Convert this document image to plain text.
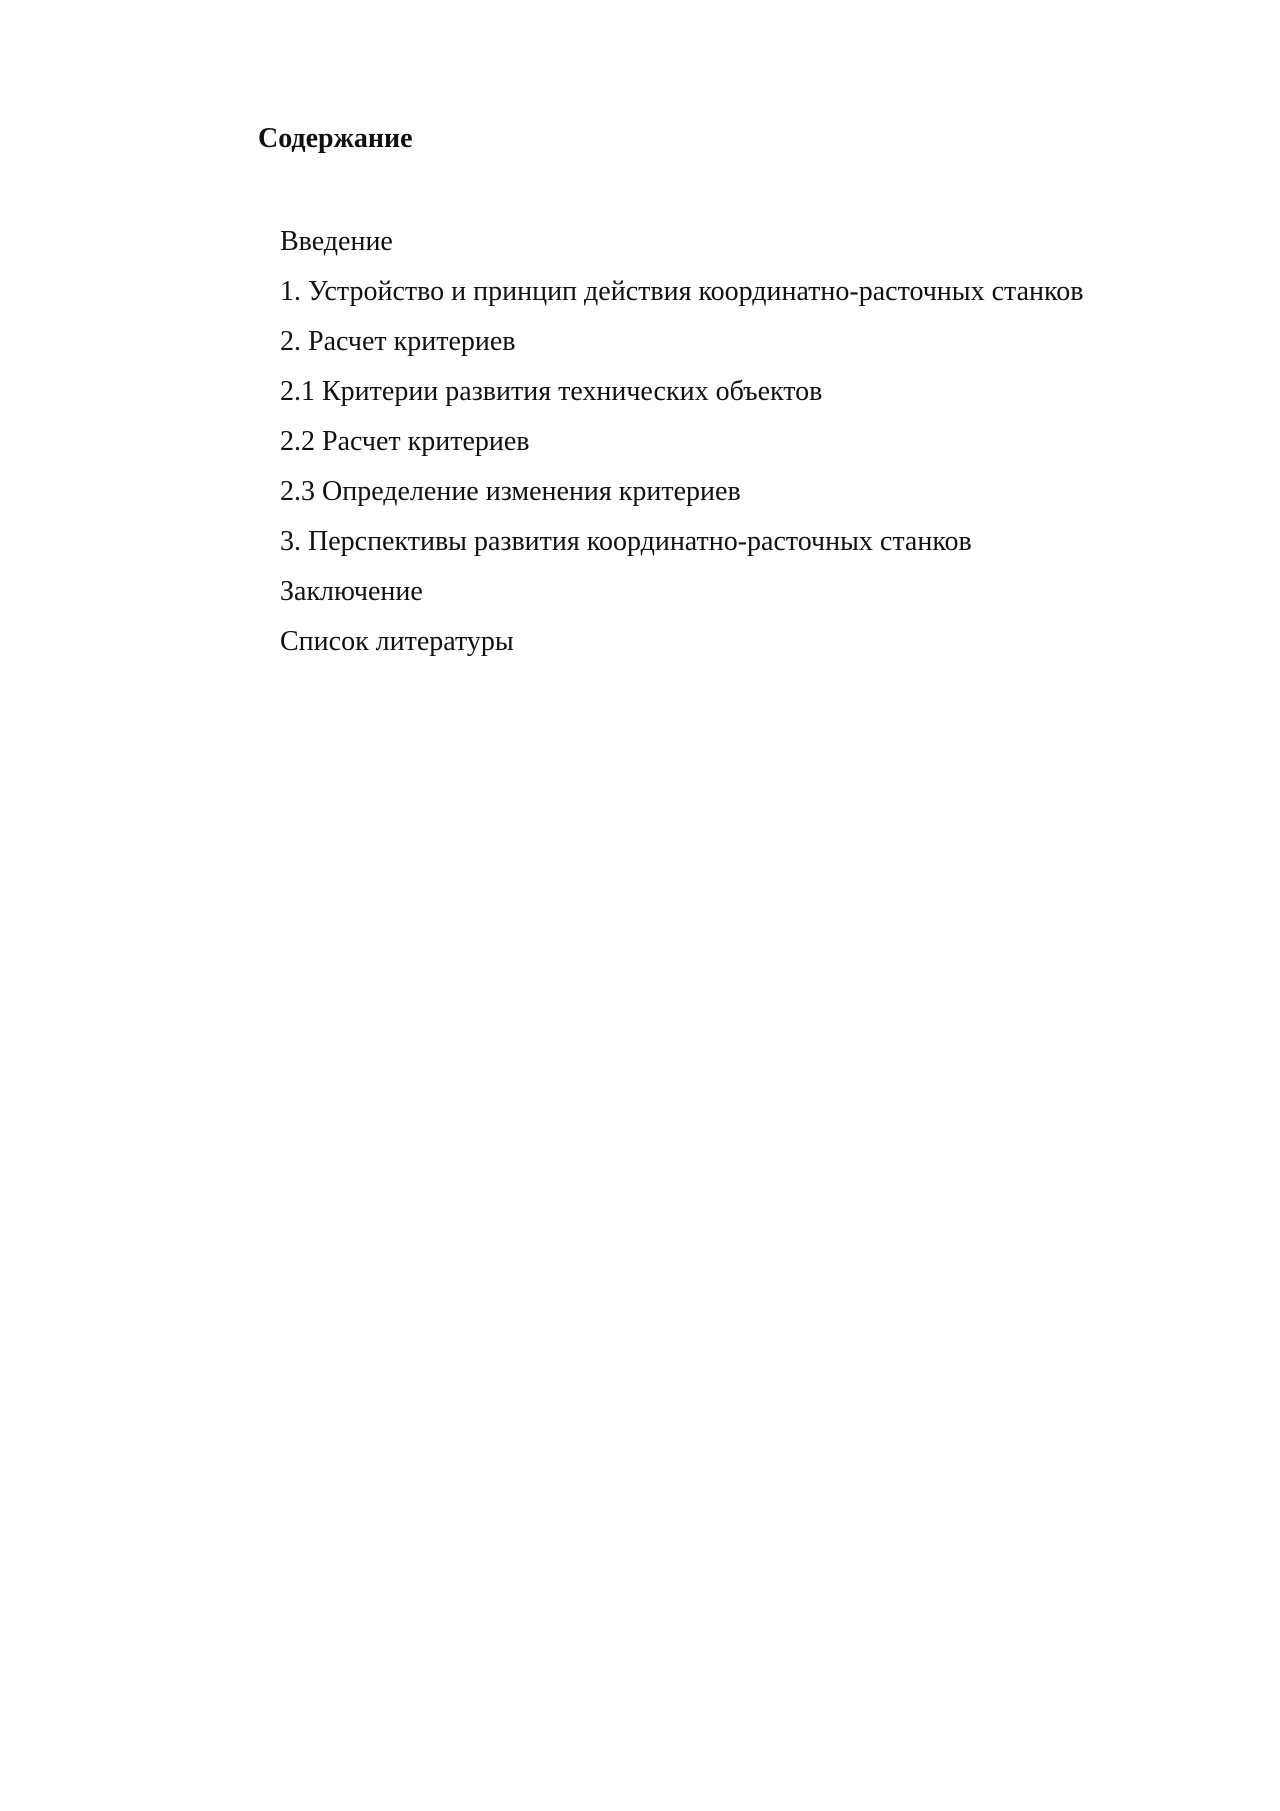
Содержание
Введение
1. Устройство и принцип действия координатно-расточных станков
2. Расчет критериев
2.1 Критерии развития технических объектов
2.2 Расчет критериев
2.3 Определение изменения критериев
3. Перспективы развития координатно-расточных станков
Заключение
Список литературы
